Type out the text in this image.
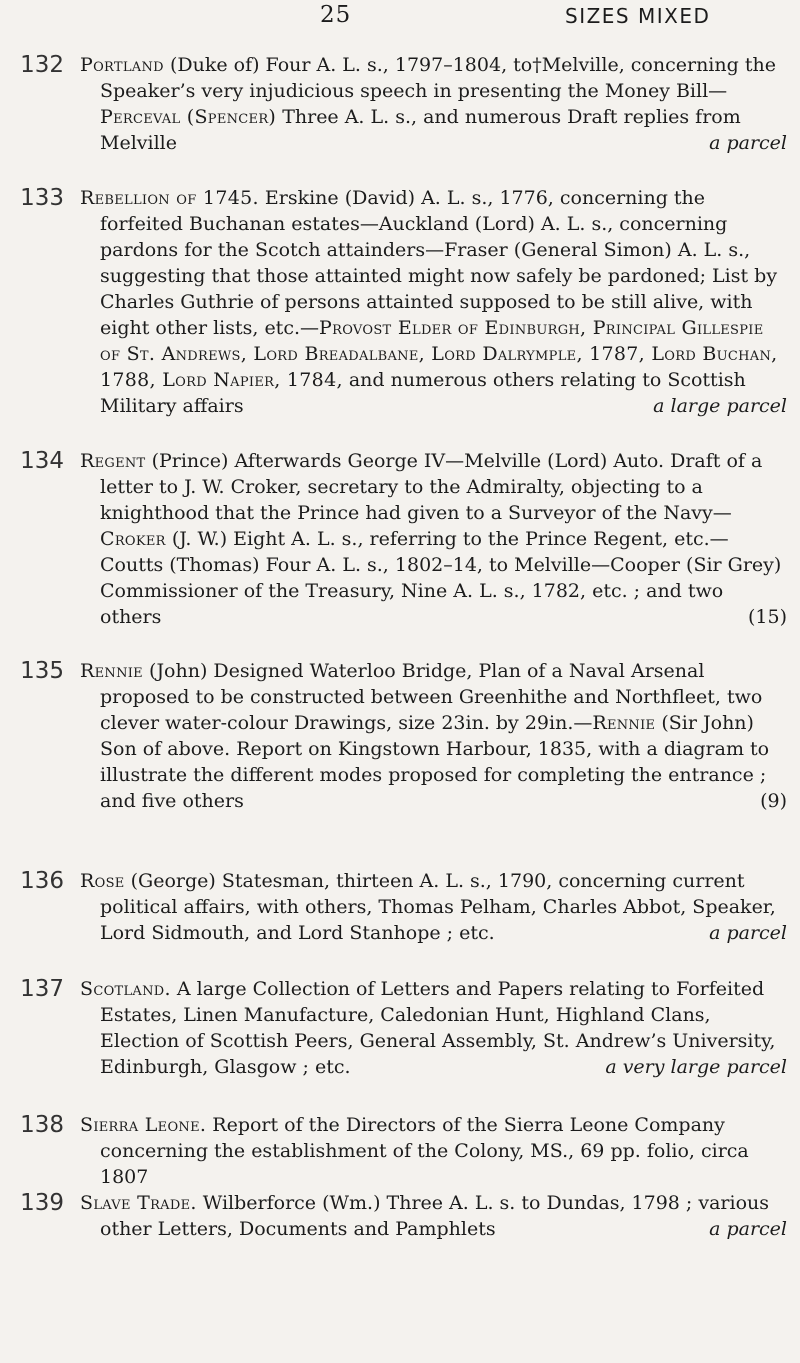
25	SIZES MIXED
132 Portland (Duke of) Four A. L. s., 1797–1804, to†Melville, concerning the Speaker’s very injudicious speech in presenting the Money Bill—Perceval (Spencer) Three A. L. s., and numerous Draft replies from Melville	a parcel

133 Rebellion of 1745. Erskine (David) A. L. s., 1776, concerning the forfeited Buchanan estates—Auckland (Lord) A. L. s., concerning pardons for the Scotch attainders—Fraser (General Simon) A. L. s., suggesting that those attainted might now safely be pardoned; List by Charles Guthrie of persons attainted supposed to be still alive, with eight other lists, etc.—Provost Elder of Edinburgh, Principal Gillespie of St. Andrews, Lord Breadalbane, Lord Dalrymple, 1787, Lord Buchan, 1788, Lord Napier, 1784, and numerous others relating to Scottish Military affairs	a large parcel

134 Regent (Prince) Afterwards George IV—Melville (Lord) Auto. Draft of a letter to J. W. Croker, secretary to the Admiralty, objecting to a knighthood that the Prince had given to a Surveyor of the Navy—Croker (J. W.) Eight A. L. s., referring to the Prince Regent, etc.—Coutts (Thomas) Four A. L. s., 1802–14, to Melville—Cooper (Sir Grey) Commissioner of the Treasury, Nine A. L. s., 1782, etc. ; and two others	(15)

135 Rennie (John) Designed Waterloo Bridge, Plan of a Naval Arsenal proposed to be constructed between Greenhithe and Northfleet, two clever water-colour Drawings, size 23in. by 29in.—Rennie (Sir John) Son of above. Report on Kingstown Harbour, 1835, with a diagram to illustrate the different modes proposed for completing the entrance ; and five others	(9)

136 Rose (George) Statesman, thirteen A. L. s., 1790, concerning current political affairs, with others, Thomas Pelham, Charles Abbot, Speaker, Lord Sidmouth, and Lord Stanhope ; etc.	a parcel

137 Scotland. A large Collection of Letters and Papers relating to Forfeited Estates, Linen Manufacture, Caledonian Hunt, Highland Clans, Election of Scottish Peers, General Assembly, St. Andrew’s University, Edinburgh, Glasgow ; etc.	a very large parcel

138 Sierra Leone. Report of the Directors of the Sierra Leone Company concerning the establishment of the Colony, MS., 69 pp. folio, circa 1807

139 Slave Trade. Wilberforce (Wm.) Three A. L. s. to Dundas, 1798 ; various other Letters, Documents and Pamphlets	a parcel
